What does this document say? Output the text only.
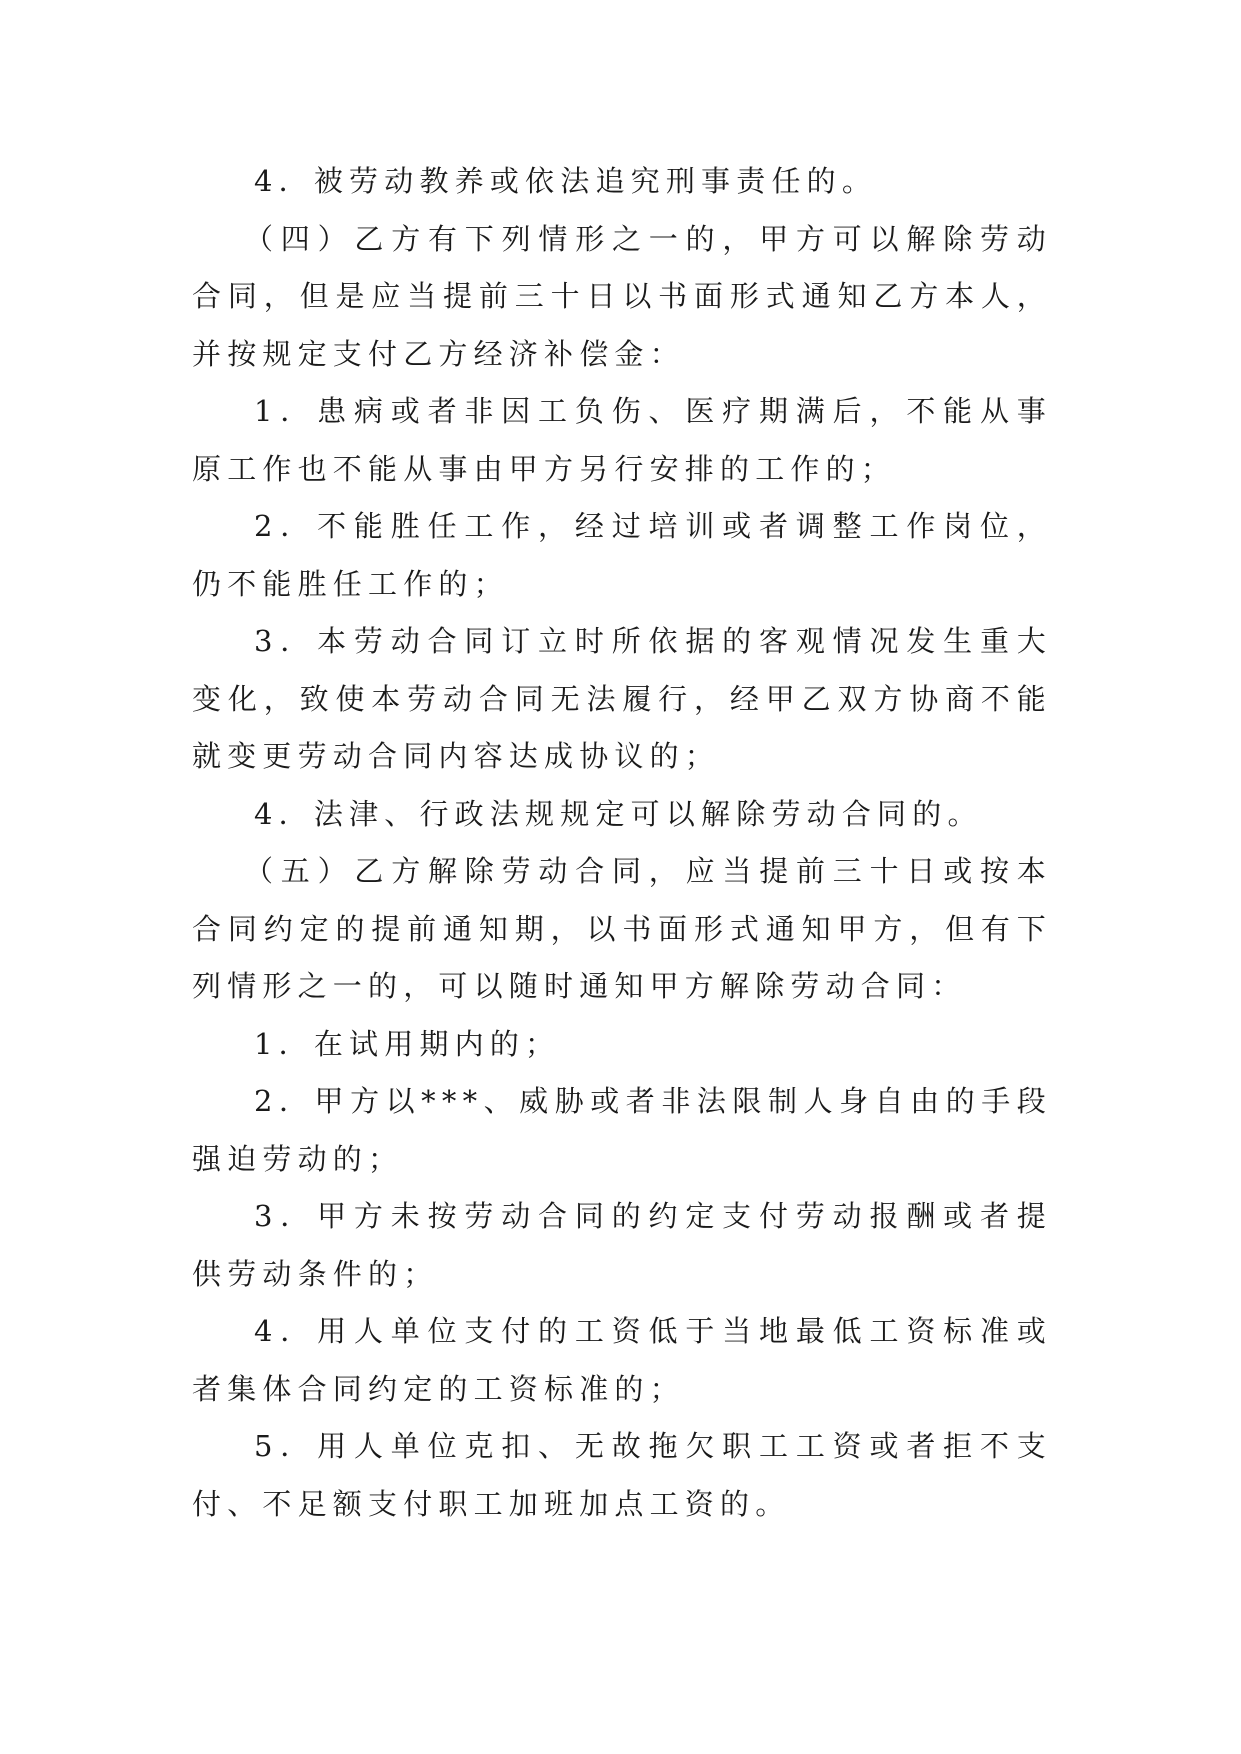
4．被劳动教养或依法追究刑事责任的。

（四）乙方有下列情形之一的，甲方可以解除劳动合同，但是应当提前三十日以书面形式通知乙方本人，并按规定支付乙方经济补偿金：

1．患病或者非因工负伤、医疗期满后，不能从事原工作也不能从事由甲方另行安排的工作的；

2．不能胜任工作，经过培训或者调整工作岗位，仍不能胜任工作的；

3．本劳动合同订立时所依据的客观情况发生重大变化，致使本劳动合同无法履行，经甲乙双方协商不能就变更劳动合同内容达成协议的；

4．法津、行政法规规定可以解除劳动合同的。

（五）乙方解除劳动合同，应当提前三十日或按本合同约定的提前通知期，以书面形式通知甲方，但有下列情形之一的，可以随时通知甲方解除劳动合同：

1．在试用期内的；

2．甲方以***、威胁或者非法限制人身自由的手段强迫劳动的；

3．甲方未按劳动合同的约定支付劳动报酬或者提供劳动条件的；

4．用人单位支付的工资低于当地最低工资标准或者集体合同约定的工资标准的；

5．用人单位克扣、无故拖欠职工工资或者拒不支付、不足额支付职工加班加点工资的。
